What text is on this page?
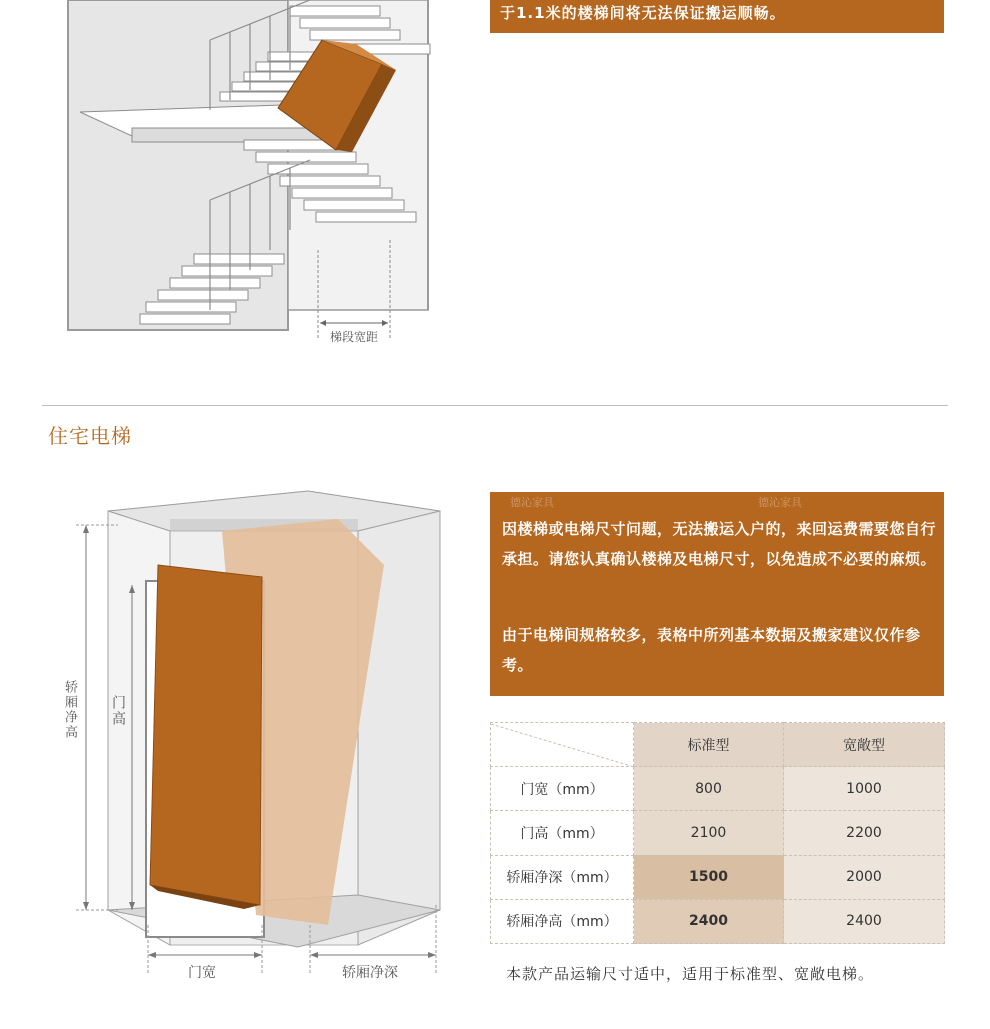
梯段宽距
于1.1米的楼梯间将无法保证搬运顺畅。
住宅电梯
轿厢净高 门高
门宽	轿厢净深
德沁家具	德沁家具
因楼梯或电梯尺寸问题，无法搬运入户的，来回运费需要您自行承担。请您认真确认楼梯及电梯尺寸，以免造成不必要的麻烦。
由于电梯间规格较多，表格中所列基本数据及搬家建议仅作参考。
	标准型	宽敞型
门宽（mm）	800	1000
门高（mm）	2100	2200
轿厢净深（mm）	1500	2000
轿厢净高（mm）	2400	2400
本款产品运输尺寸适中，适用于标准型、宽敞电梯。
